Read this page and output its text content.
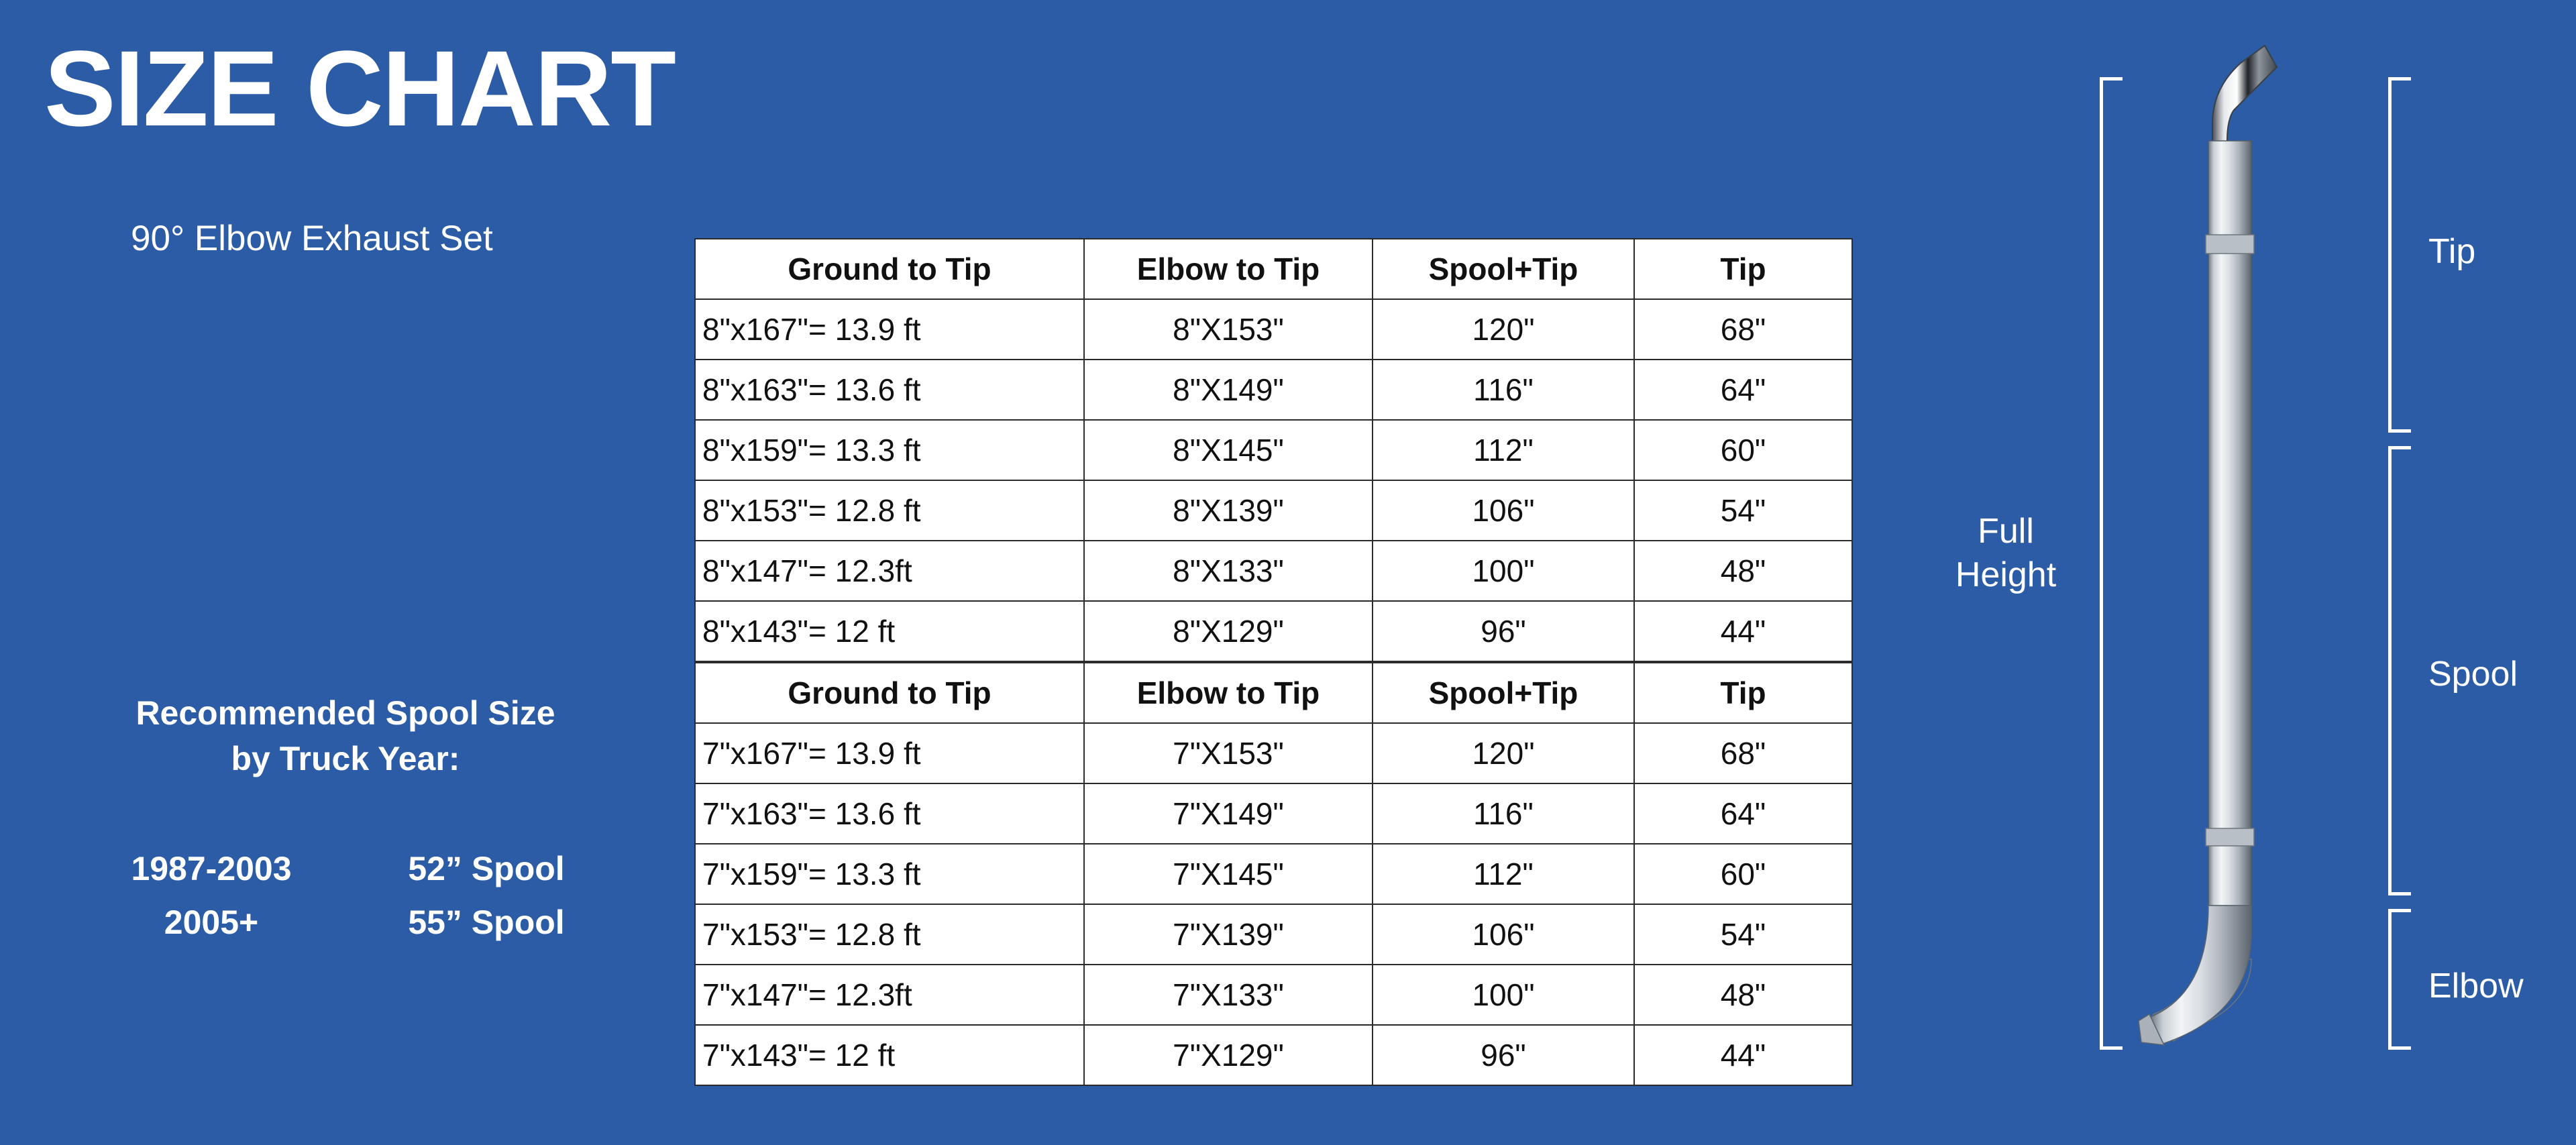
SIZE CHART
90° Elbow Exhaust Set
Recommended Spool Size
by Truck Year:
1987-2003	52” Spool
2005+	55” Spool
Ground to Tip	Elbow to Tip	Spool+Tip	Tip
8"x167"= 13.9 ft	8"X153"	120"	68"
8"x163"= 13.6 ft	8"X149"	116"	64"
8"x159"= 13.3 ft	8"X145"	112"	60"
8"x153"= 12.8 ft	8"X139"	106"	54"
8"x147"= 12.3ft	8"X133"	100"	48"
8"x143"= 12 ft	8"X129"	96"	44"
Ground to Tip	Elbow to Tip	Spool+Tip	Tip
7"x167"= 13.9 ft	7"X153"	120"	68"
7"x163"= 13.6 ft	7"X149"	116"	64"
7"x159"= 13.3 ft	7"X145"	112"	60"
7"x153"= 12.8 ft	7"X139"	106"	54"
7"x147"= 12.3ft	7"X133"	100"	48"
7"x143"= 12 ft	7"X129"	96"	44"
Full
Height
Tip
Spool
Elbow
